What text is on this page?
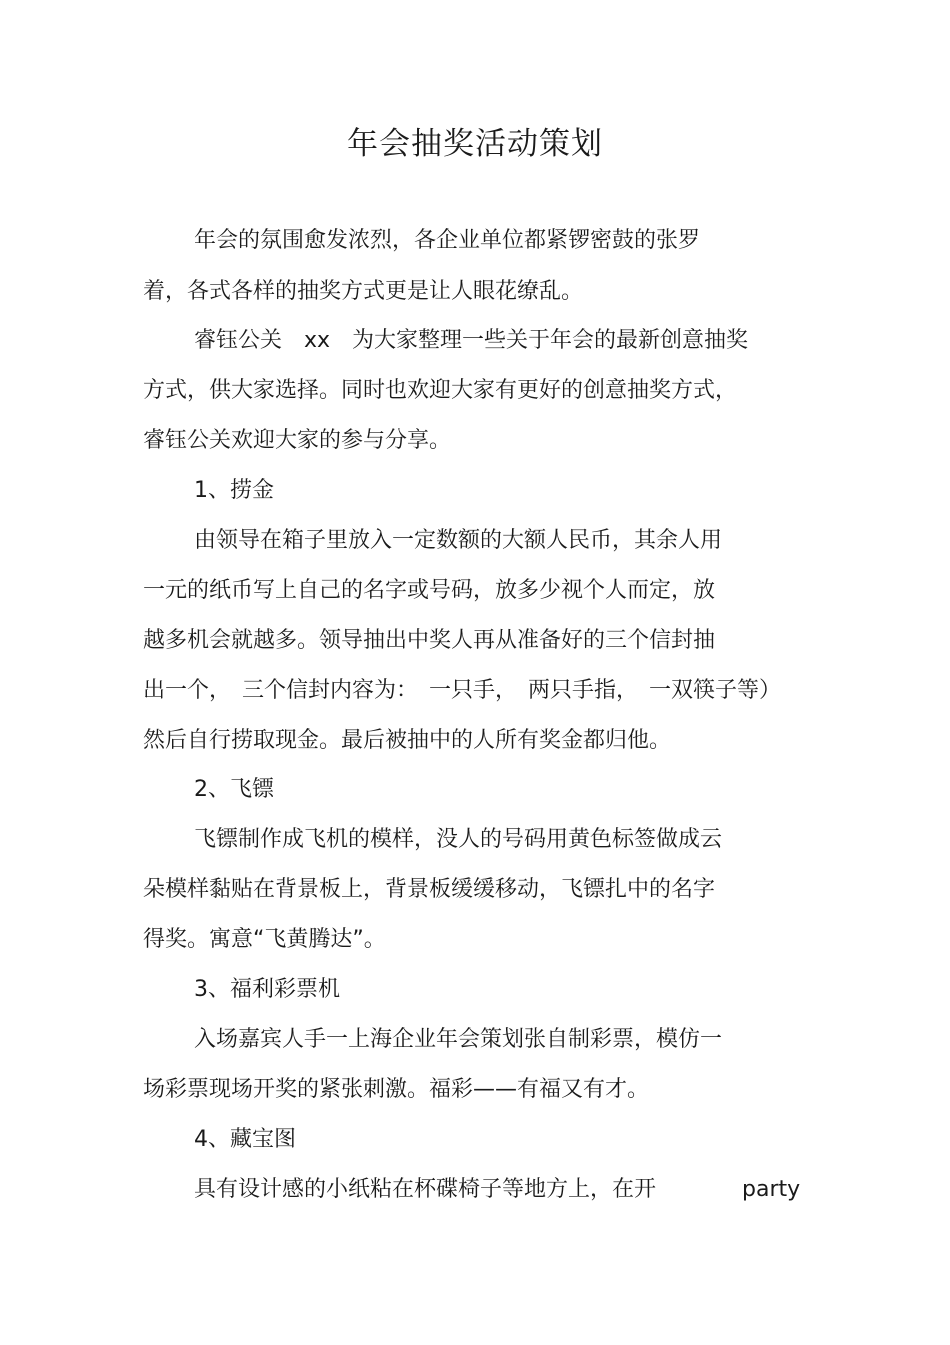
年会抽奖活动策划
年会的氛围愈发浓烈，各企业单位都紧锣密鼓的张罗
着，各式各样的抽奖方式更是让人眼花缭乱。
睿钰公关　xx　为大家整理一些关于年会的最新创意抽奖
方式，供大家选择。同时也欢迎大家有更好的创意抽奖方式，
睿钰公关欢迎大家的参与分享。
1、捞金
由领导在箱子里放入一定数额的大额人民币，其余人用
一元的纸币写上自己的名字或号码，放多少视个人而定，放
越多机会就越多。领导抽出中奖人再从准备好的三个信封抽
出一个，　三个信封内容为：　一只手，　两只手指，　一双筷子等）
然后自行捞取现金。最后被抽中的人所有奖金都归他。
2、飞镖
飞镖制作成飞机的模样，没人的号码用黄色标签做成云
朵模样黏贴在背景板上，背景板缓缓移动，飞镖扎中的名字
得奖。寓意“飞黄腾达”。
3、福利彩票机
入场嘉宾人手一上海企业年会策划张自制彩票，模仿一
场彩票现场开奖的紧张刺激。福彩——有福又有才。
4、藏宝图
具有设计感的小纸粘在杯碟椅子等地方上，在开	party
